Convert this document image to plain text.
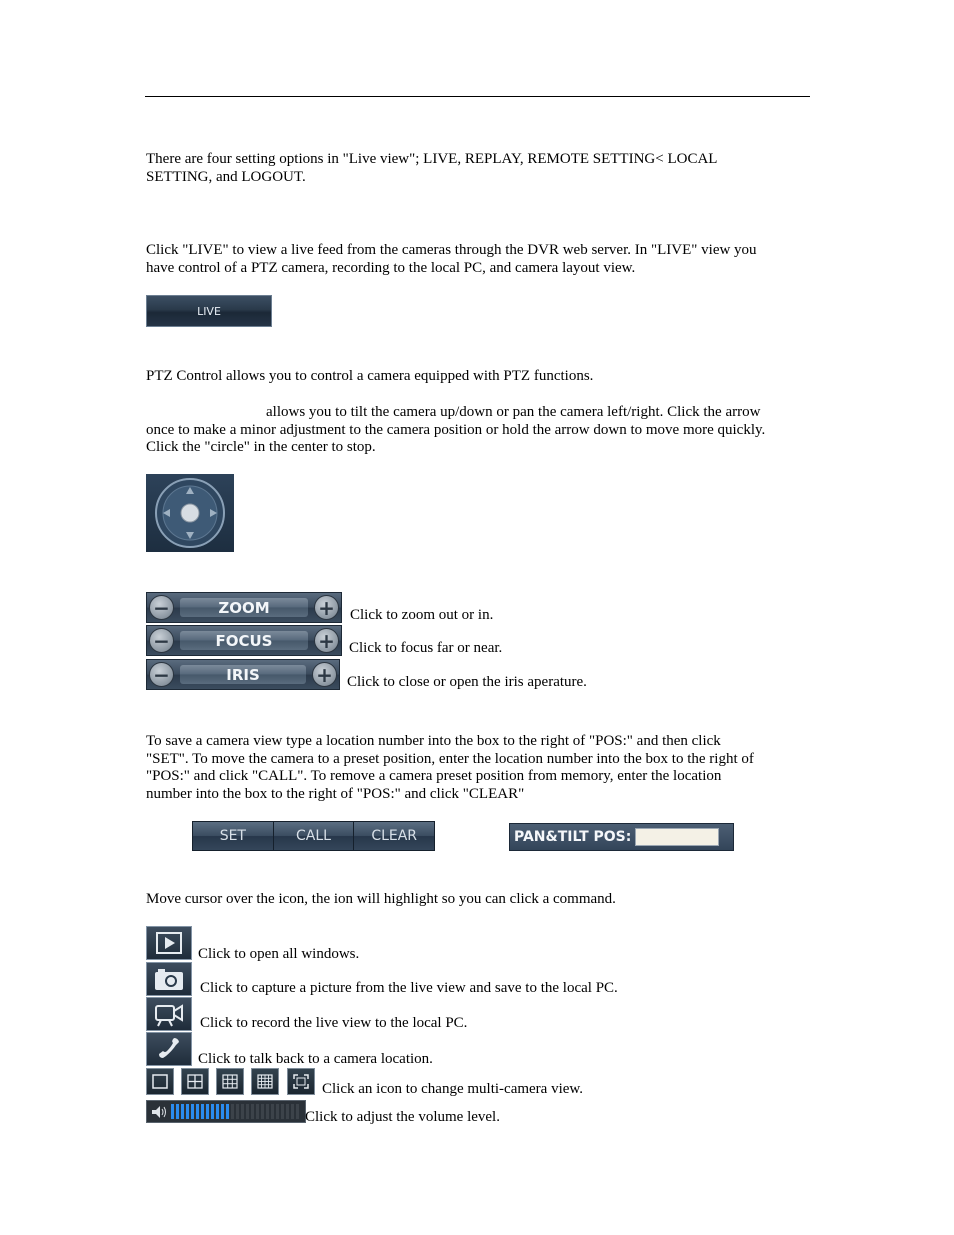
There are four setting options in "Live view"; LIVE, REPLAY, REMOTE SETTING< LOCAL
SETTING, and LOGOUT.

Click "LIVE" to view a live feed from the cameras through the DVR web server. In "LIVE" view you
have control of a PTZ camera, recording to the local PC, and camera layout view.

LIVE

PTZ Control allows you to control a camera equipped with PTZ functions.

allows you to tilt the camera up/down or pan the camera left/right. Click the arrow
once to make a minor adjustment to the camera position or hold the arrow down to move more quickly.
Click the "circle" in the center to stop.

−	ZOOM	+ Click to zoom out or in.
−	FOCUS	+ Click to focus far or near.
−	IRIS	+ Click to close or open the iris aperature.

To save a camera view type a location number into the box to the right of "POS:" and then click
"SET". To move the camera to a preset position, enter the location number into the box to the right of
"POS:" and click "CALL". To remove a camera preset position from memory, enter the location
number into the box to the right of "POS:" and click "CLEAR"

SET	CALL	CLEAR	PAN&TILT POS:

Move cursor over the icon, the ion will highlight so you can click a command.

Click to open all windows.
Click to capture a picture from the live view and save to the local PC.
Click to record the live view to the local PC.
Click to talk back to a camera location.
Click an icon to change multi-camera view.
Click to adjust the volume level.
